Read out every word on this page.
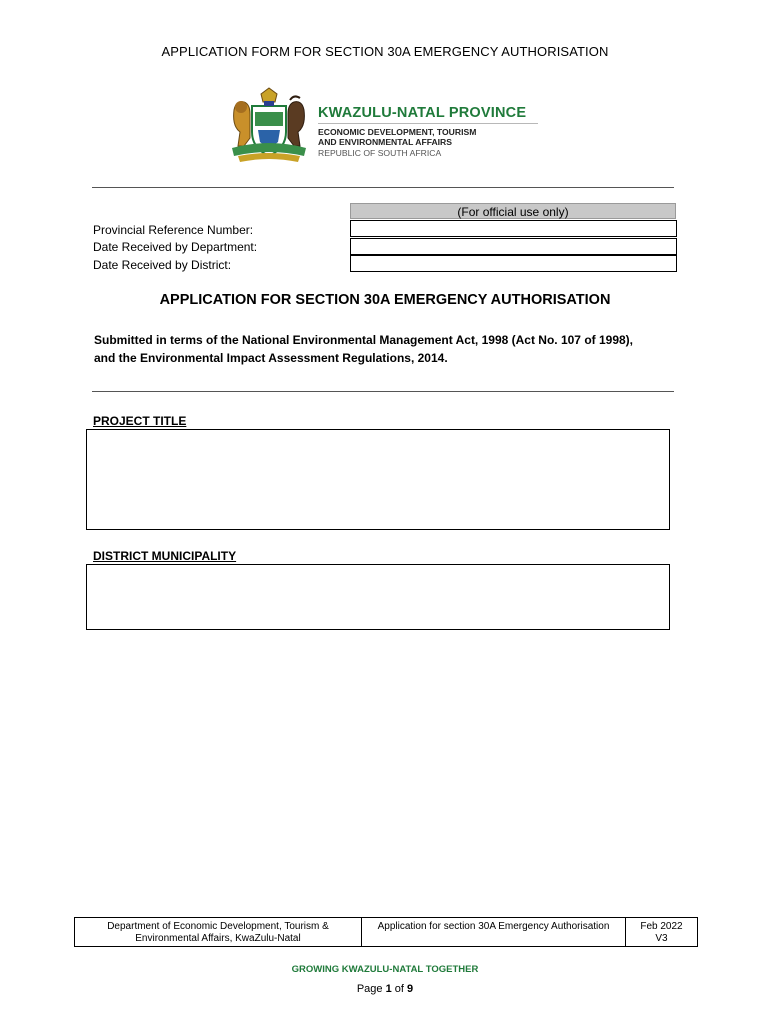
APPLICATION FORM FOR SECTION 30A EMERGENCY AUTHORISATION
KWAZULU-NATAL PROVINCE
ECONOMIC DEVELOPMENT, TOURISM
AND ENVIRONMENTAL AFFAIRS
REPUBLIC OF SOUTH AFRICA
(For official use only)
Provincial Reference Number:
Date Received by Department:
Date Received by District:
APPLICATION FOR SECTION 30A EMERGENCY AUTHORISATION
Submitted in terms of the National Environmental Management Act, 1998 (Act No. 107 of 1998),
and the Environmental Impact Assessment Regulations, 2014.
PROJECT TITLE
DISTRICT MUNICIPALITY
Department of Economic Development, Tourism &
Environmental Affairs, KwaZulu-Natal
Application for section 30A Emergency Authorisation	Feb 2022
V3
GROWING KWAZULU-NATAL TOGETHER
Page 1 of 9
